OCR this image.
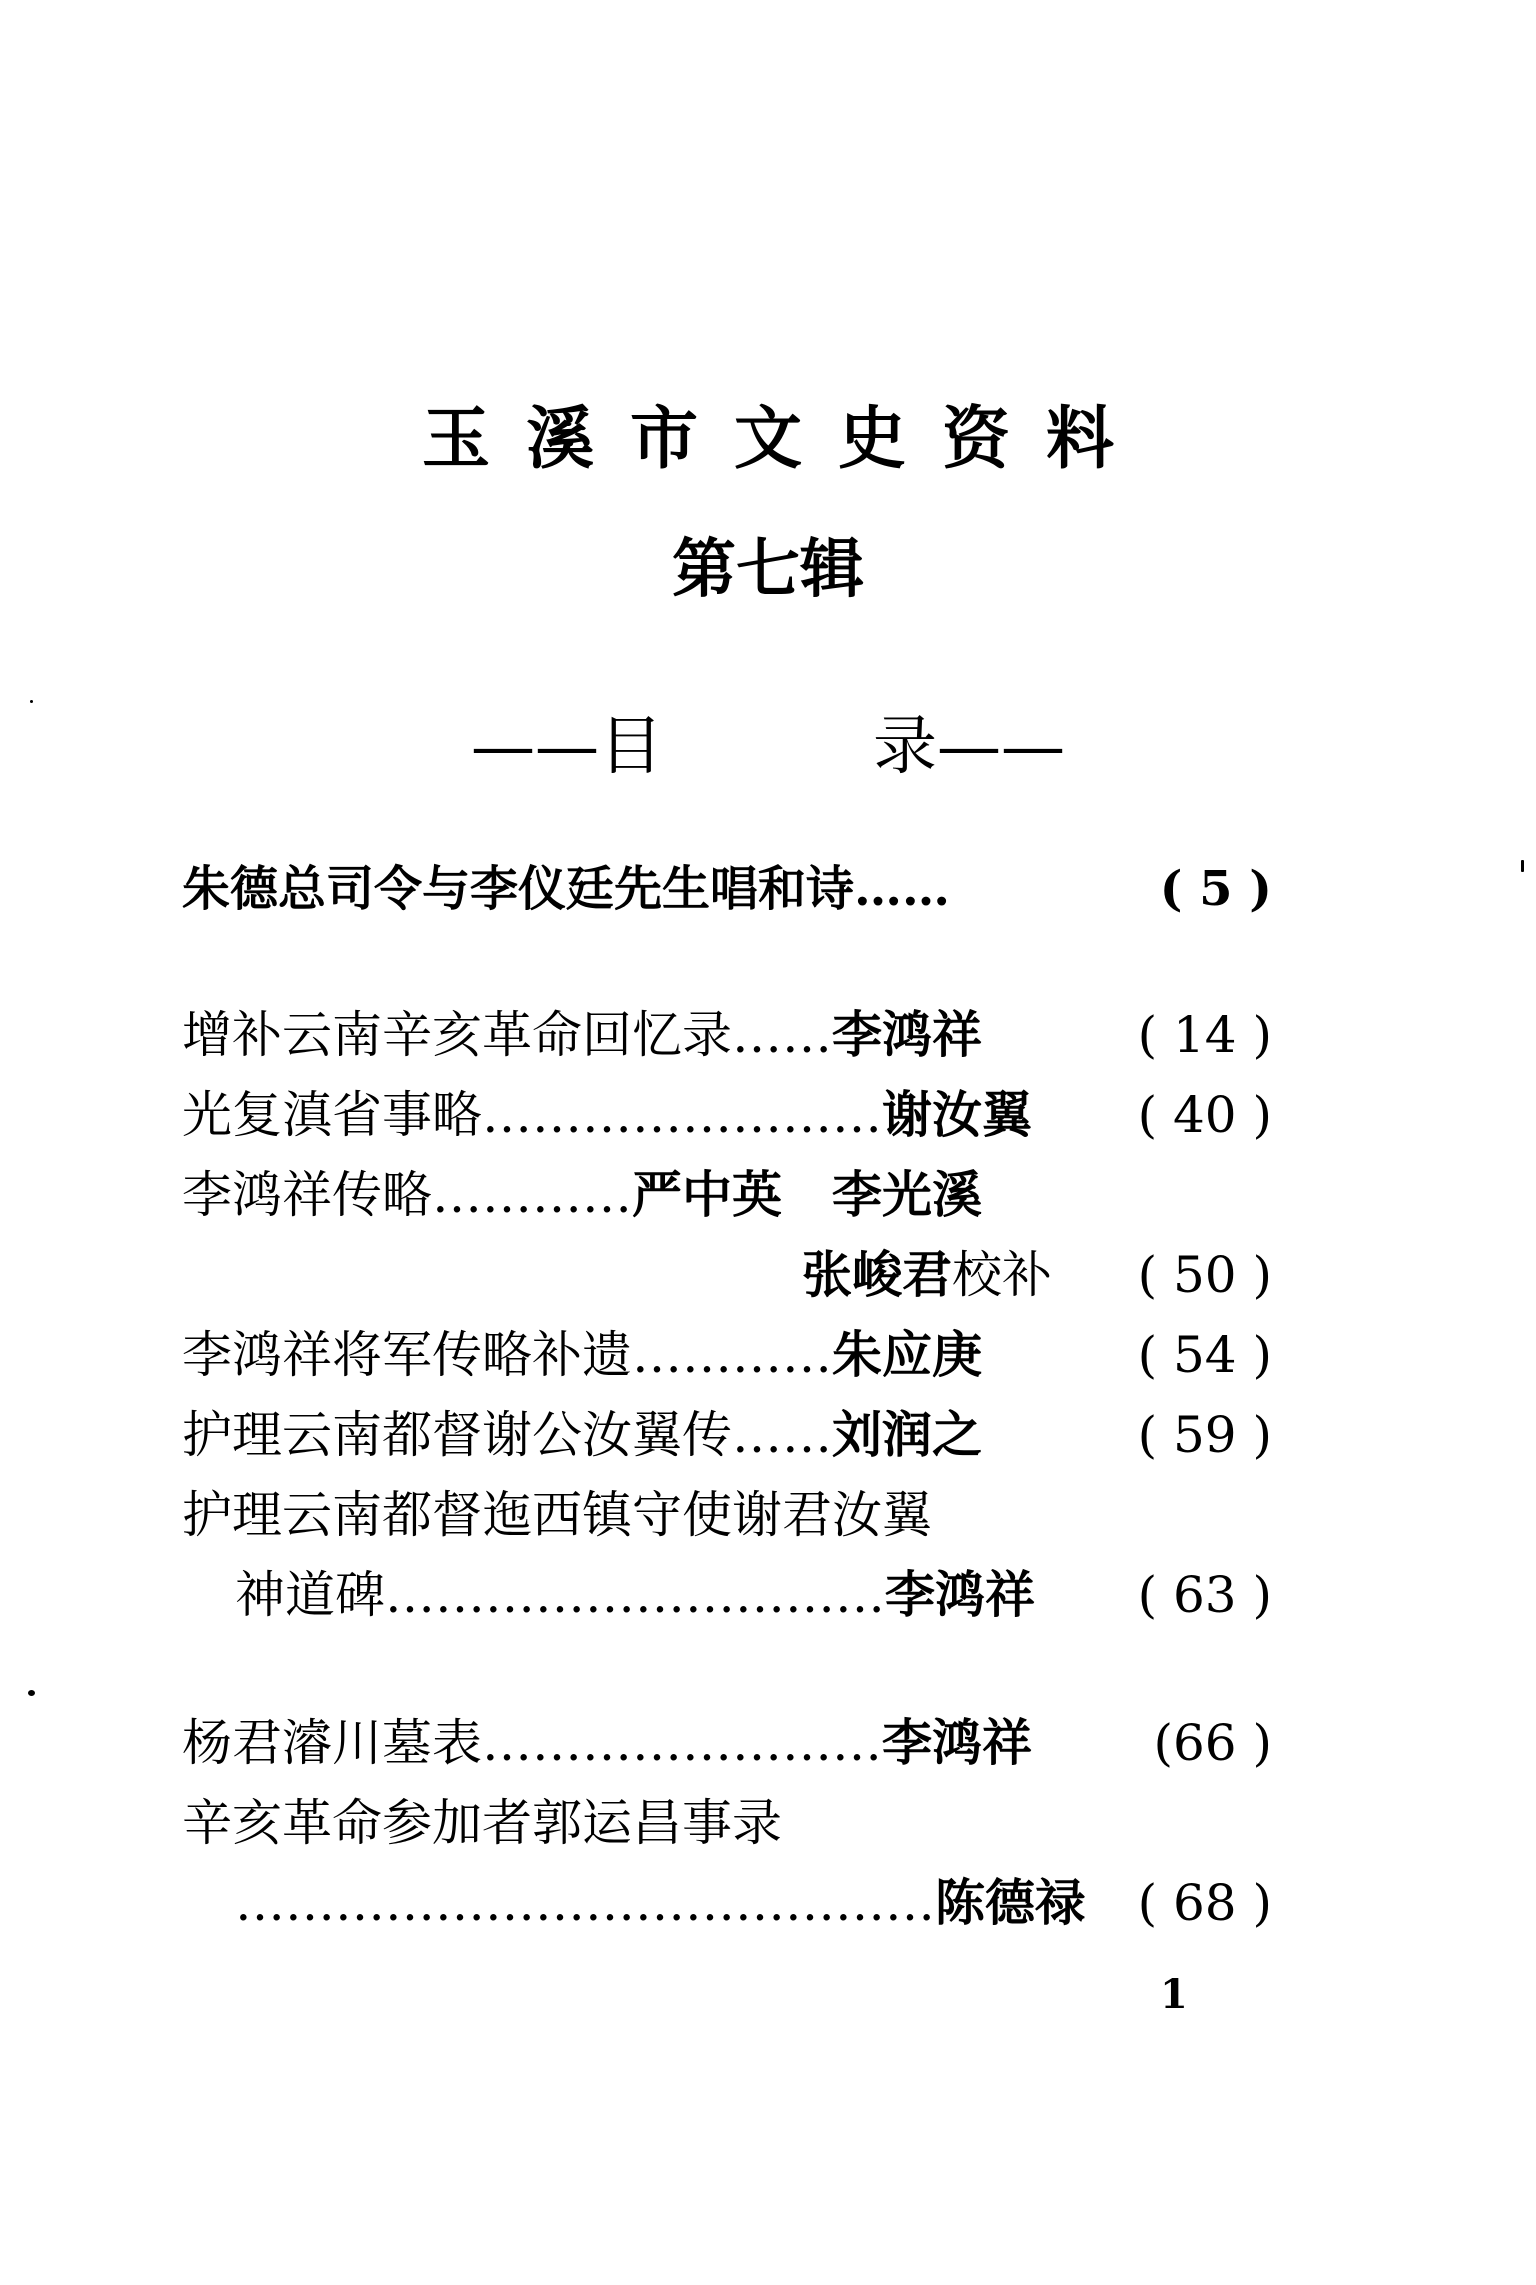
玉溪市文史资料
第七辑
——目	录——
朱德总司令与李仪廷先生唱和诗……	( 5 )
增补云南辛亥革命回忆录……李鸿祥	( 14 )
光复滇省事略……………………谢汝翼 ( 40 )
李鸿祥传略…………严中英　李光溪
张峻君校补 ( 50 )
李鸿祥将军传略补遗…………朱应庚	( 54 )
护理云南都督谢公汝翼传……刘润之	( 59 )
护理云南都督迤西镇守使谢君汝翼
神道碑…………………………李鸿祥 ( 63 )
杨君濬川墓表……………………李鸿祥 (66 )
辛亥革命参加者郭运昌事录
……………………………………陈德禄 ( 68 )
1
